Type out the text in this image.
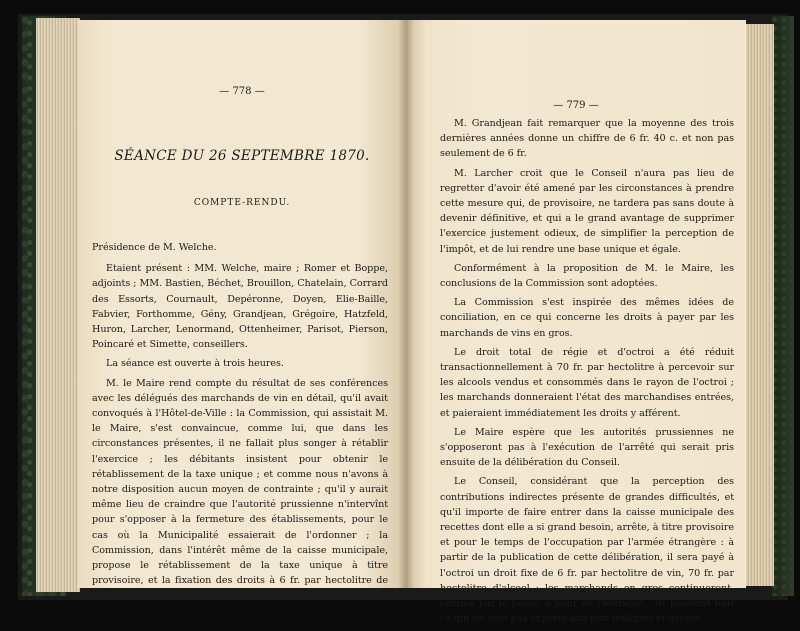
— 778 —
SÉANCE DU 26 SEPTEMBRE 1870.
COMPTE-RENDU.

Présidence de M. Welche.

Etaient présent : MM. Welche, maire ; Romer et Boppe, adjoints ; MM. Bastien, Béchet, Brouillon, Chatelain, Corrard des Essorts, Cournault, Depéronne, Doyen, Elie-Baille, Fabvier, Forthomme, Gény, Grandjean, Grégoire, Hatzfeld, Huron, Larcher, Lenormand, Ottenheimer, Parisot, Pierson, Poincaré et Simette, conseillers.

La séance est ouverte à trois heures.

M. le Maire rend compte du résultat de ses conférences avec les délégués des marchands de vin en détail, qu'il avait convoqués à l'Hôtel-de-Ville : la Commission, qui assistait M. le Maire, s'est convaincue, comme lui, que dans les circonstances présentes, il ne fallait plus songer à rétablir l'exercice ; les débitants insistent pour obtenir le rétablissement de la taxe unique ; et comme nous n'avons à notre disposition aucun moyen de contrainte ; qu'il y aurait même lieu de craindre que l'autorité prussienne n'intervînt pour s'opposer à la fermeture des établissements, pour le cas où la Municipalité essaierait de l'ordonner ; la Commission, dans l'intérêt même de la caisse municipale, propose le rétablissement de la taxe unique à titre provisoire, et la fixation des droits à 6 fr. par hectolitre de vin ; à percevoir à l'entrée en ville.

— 779 —

M. Grandjean fait remarquer que la moyenne des trois dernières années donne un chiffre de 6 fr. 40 c. et non pas seulement de 6 fr.

M. Larcher croit que le Conseil n'aura pas lieu de regretter d'avoir été amené par les circonstances à prendre cette mesure qui, de provisoire, ne tardera pas sans doute à devenir définitive, et qui a le grand avantage de supprimer l'exercice justement odieux, de simplifier la perception de l'impôt, et de lui rendre une base unique et égale.

Conformément à la proposition de M. le Maire, les conclusions de la Commission sont adoptées.

La Commission s'est inspirée des mêmes idées de conciliation, en ce qui concerne les droits à payer par les marchands de vins en gros.

Le droit total de régie et d'octroi a été réduit transactionnellement à 70 fr. par hectolitre à percevoir sur les alcools vendus et consommés dans le rayon de l'octroi ; les marchands donneraient l'état des marchandises entrées, et paieraient immédiatement les droits y afférent.

Le Maire espère que les autorités prussiennes ne s'opposeront pas à l'exécution de l'arrêté qui serait pris ensuite de la délibération du Conseil.

Le Conseil, considérant que la perception des contributions indirectes présente de grandes difficultés, et qu'il importe de faire entrer dans la caisse municipale des recettes dont elle a si grand besoin, arrête, à titre provisoire et pour le temps de l'occupation par l'armée étrangère : à partir de la publication de cette délibération, il sera payé à l'octroi un droit fixe de 6 fr. par hectolitre de vin, 70 fr. par hectolitre d'alcool ; les marchands en gros continueront, comme par le passé, à jouir de l'entrepôt ; ils paieront tout ce qui ne sera pas exporté aux prix indiqués ci-dessus.
